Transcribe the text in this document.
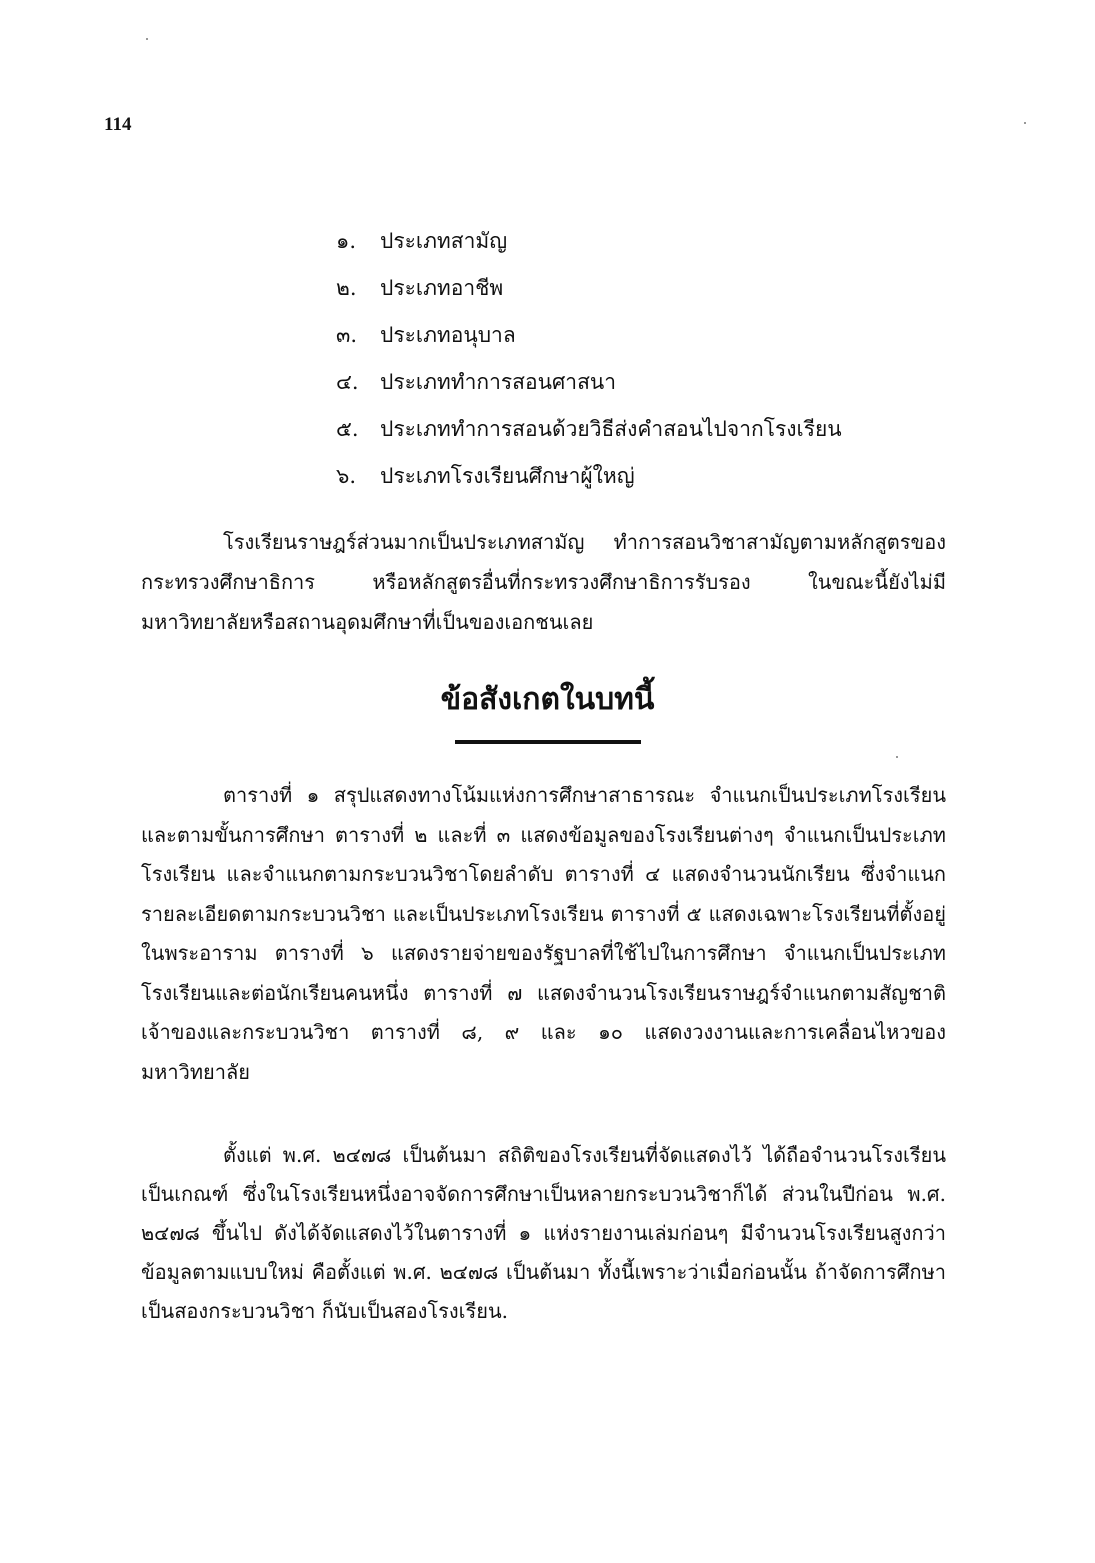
114
๑. ประเภทสามัญ
๒. ประเภทอาชีพ
๓. ประเภทอนุบาล
๔. ประเภททำการสอนศาสนา
๕. ประเภททำการสอนด้วยวิธีส่งคำสอนไปจากโรงเรียน
๖. ประเภทโรงเรียนศึกษาผู้ใหญ่

โรงเรียนราษฎร์ส่วนมากเป็นประเภทสามัญ ทำการสอนวิชาสามัญตามหลักสูตรของกระทรวงศึกษาธิการ หรือหลักสูตรอื่นที่กระทรวงศึกษาธิการรับรอง ในขณะนี้ยังไม่มีมหาวิทยาลัยหรือสถานอุดมศึกษาที่เป็นของเอกชนเลย

ข้อสังเกตในบทนี้

ตารางที่ ๑ สรุปแสดงทางโน้มแห่งการศึกษาสาธารณะ จำแนกเป็นประเภทโรงเรียนและตามขั้นการศึกษา ตารางที่ ๒ และที่ ๓ แสดงข้อมูลของโรงเรียนต่างๆ จำแนกเป็นประเภทโรงเรียน และจำแนกตามกระบวนวิชาโดยลำดับ ตารางที่ ๔ แสดงจำนวนนักเรียน ซึ่งจำแนกรายละเอียดตามกระบวนวิชา และเป็นประเภทโรงเรียน ตารางที่ ๕ แสดงเฉพาะโรงเรียนที่ตั้งอยู่ในพระอาราม ตารางที่ ๖ แสดงรายจ่ายของรัฐบาลที่ใช้ไปในการศึกษา จำแนกเป็นประเภทโรงเรียนและต่อนักเรียนคนหนึ่ง ตารางที่ ๗ แสดงจำนวนโรงเรียนราษฎร์จำแนกตามสัญชาติเจ้าของและกระบวนวิชา ตารางที่ ๘, ๙ และ ๑๐ แสดงวงงานและการเคลื่อนไหวของมหาวิทยาลัย

ตั้งแต่ พ.ศ. ๒๔๗๘ เป็นต้นมา สถิติของโรงเรียนที่จัดแสดงไว้ ได้ถือจำนวนโรงเรียนเป็นเกณฑ์ ซึ่งในโรงเรียนหนึ่งอาจจัดการศึกษาเป็นหลายกระบวนวิชาก็ได้ ส่วนในปีก่อน พ.ศ. ๒๔๗๘ ขึ้นไป ดังได้จัดแสดงไว้ในตารางที่ ๑ แห่งรายงานเล่มก่อนๆ มีจำนวนโรงเรียนสูงกว่าข้อมูลตามแบบใหม่ คือตั้งแต่ พ.ศ. ๒๔๗๘ เป็นต้นมา ทั้งนี้เพราะว่าเมื่อก่อนนั้น ถ้าจัดการศึกษาเป็นสองกระบวนวิชา ก็นับเป็นสองโรงเรียน.
